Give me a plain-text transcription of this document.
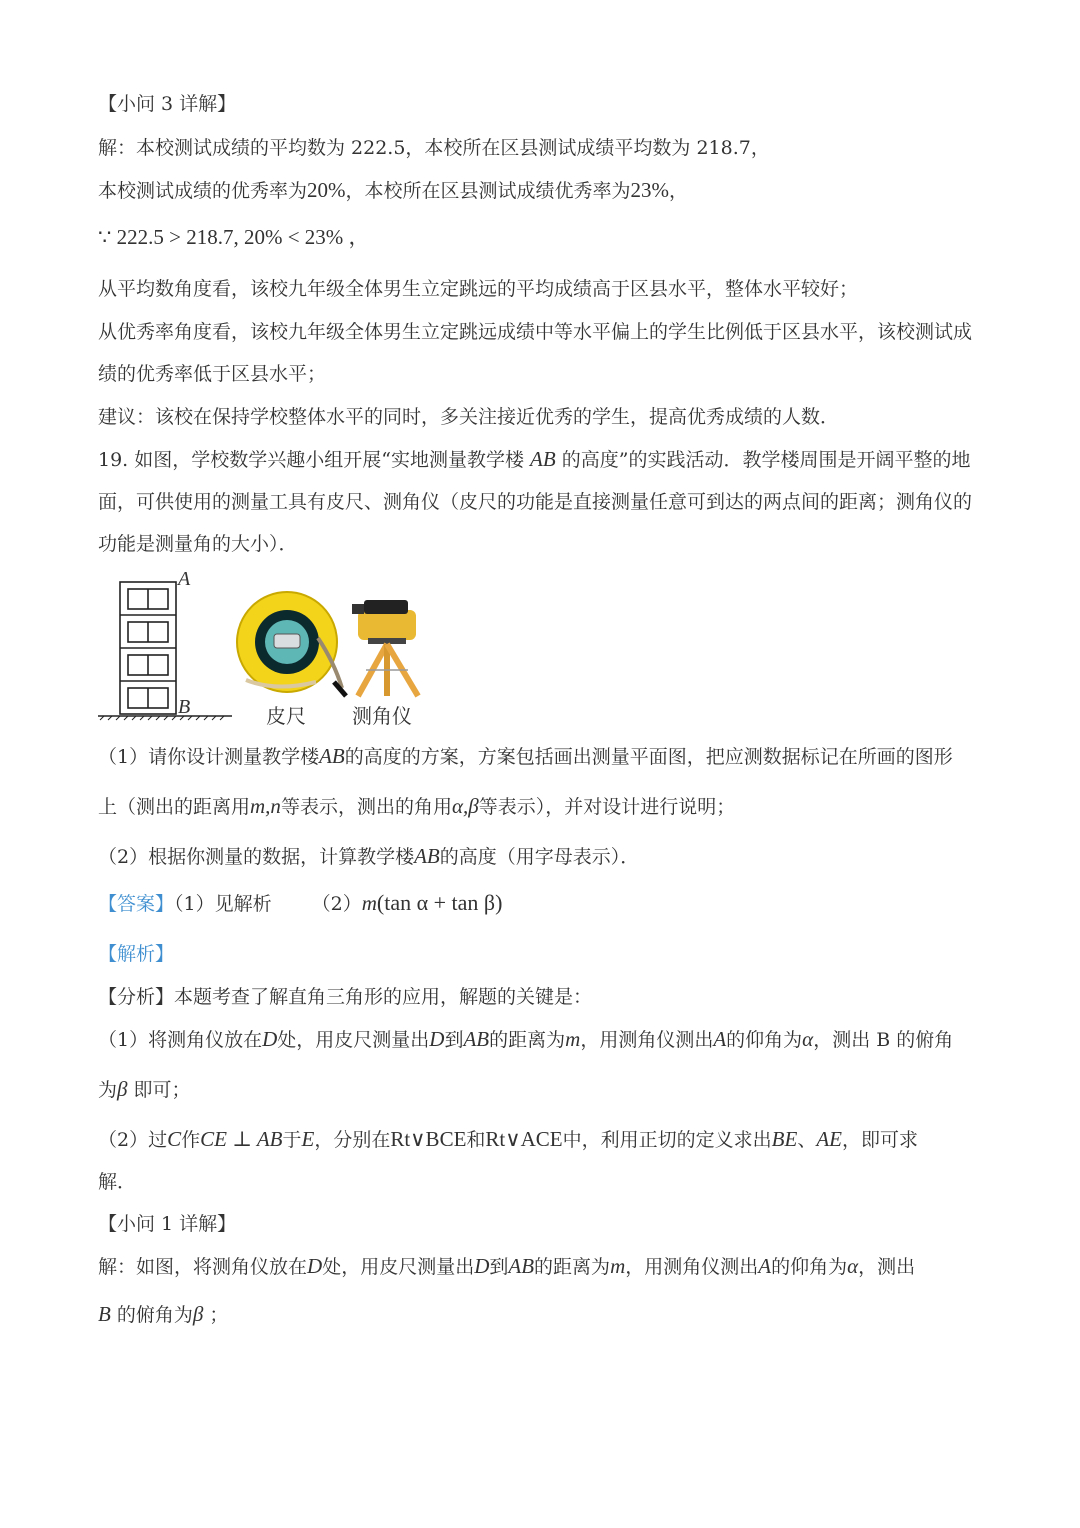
【小问 3 详解】
解：本校测试成绩的平均数为 222.5，本校所在区县测试成绩平均数为 218.7，
本校测试成绩的优秀率为20%，本校所在区县测试成绩优秀率为23%，
∵ 222.5 > 218.7, 20% < 23% ，
从平均数角度看，该校九年级全体男生立定跳远的平均成绩高于区县水平，整体水平较好；
从优秀率角度看，该校九年级全体男生立定跳远成绩中等水平偏上的学生比例低于区县水平，该校测试成
绩的优秀率低于区县水平；
建议：该校在保持学校整体水平的同时，多关注接近优秀的学生，提高优秀成绩的人数．
19. 如图，学校数学兴趣小组开展“实地测量教学楼 AB 的高度”的实践活动．教学楼周围是开阔平整的地
面，可供使用的测量工具有皮尺、测角仪（皮尺的功能是直接测量任意可到达的两点间的距离；测角仪的
功能是测量角的大小）．
A
B	皮尺 测角仪
（1）请你设计测量教学楼AB的高度的方案，方案包括画出测量平面图，把应测数据标记在所画的图形
上（测出的距离用m,n等表示，测出的角用α,β等表示），并对设计进行说明；
（2）根据你测量的数据，计算教学楼AB的高度（用字母表示）．
【答案】（1）见解析 （2）m(tan α + tan β)
【解析】
【分析】本题考查了解直角三角形的应用，解题的关键是：
（1）将测角仪放在D处，用皮尺测量出D到AB的距离为m，用测角仪测出A的仰角为α，测出 B 的俯角
为β 即可；
（2）过C作CE ⊥ AB于E，分别在Rt∨BCE和Rt∨ACE中，利用正切的定义求出BE、AE，即可求
解．
【小问 1 详解】
解：如图，将测角仪放在D处，用皮尺测量出D到AB的距离为m，用测角仪测出A的仰角为α，测出
B 的俯角为β ；
